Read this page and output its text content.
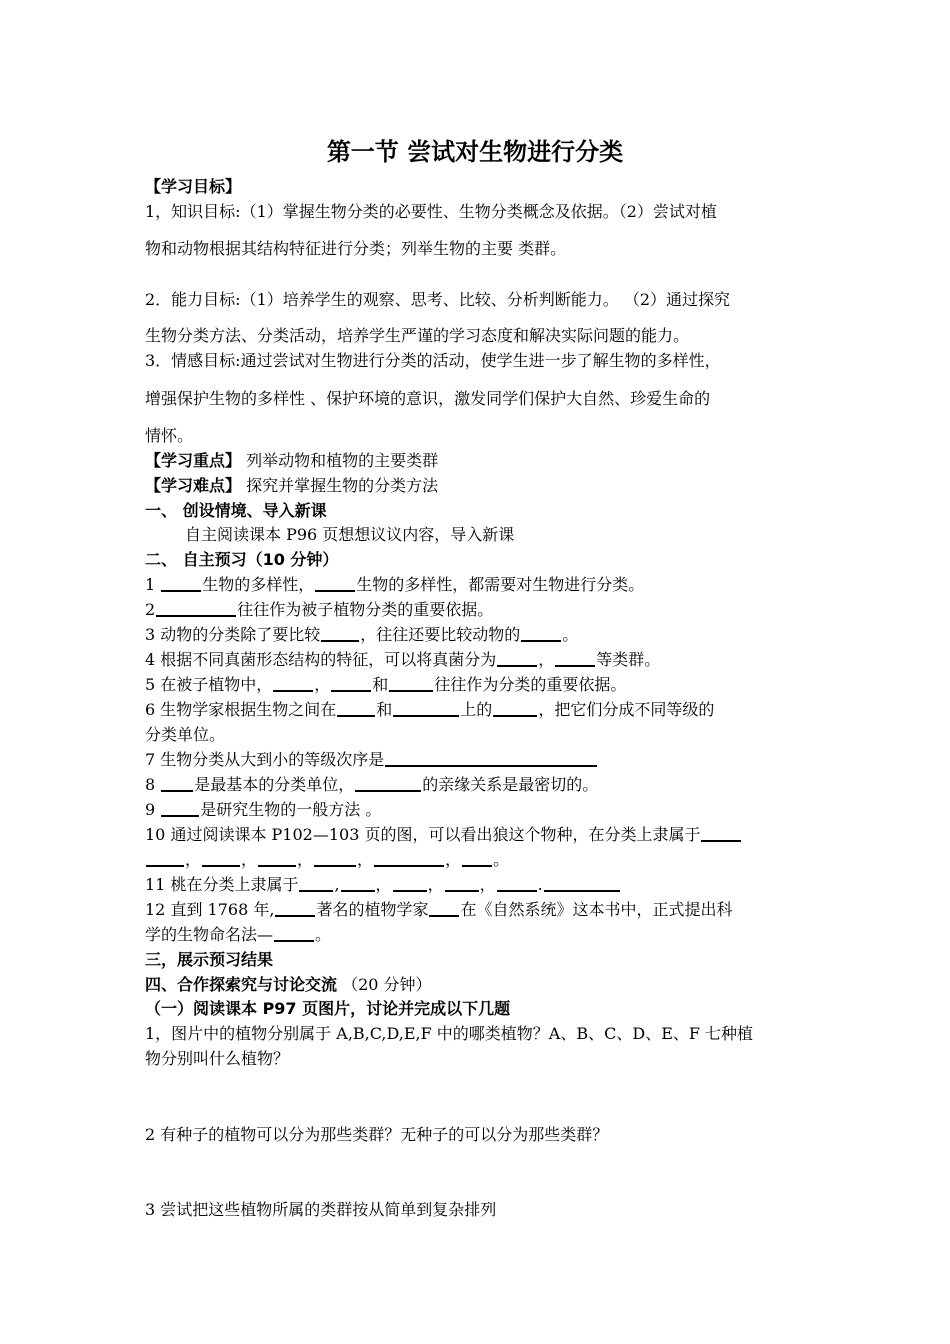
第一节 尝试对生物进行分类
【学习目标】
1，知识目标:（1）掌握生物分类的必要性、生物分类概念及依据。（2）尝试对植
物和动物根据其结构特征进行分类；列举生物的主要 类群。
2．能力目标:（1）培养学生的观察、思考、比较、分析判断能力。 （2）通过探究
生物分类方法、分类活动，培养学生严谨的学习态度和解决实际问题的能力。
3．情感目标:通过尝试对生物进行分类的活动，使学生进一步了解生物的多样性，
增强保护生物的多样性 、保护环境的意识，激发同学们保护大自然、珍爱生命的
情怀。
【学习重点】 列举动物和植物的主要类群
【学习难点】 探究并掌握生物的分类方法
一、 创设情境、导入新课
自主阅读课本 P96 页想想议议内容，导入新课
二、 自主预习（10 分钟）
1	生物的多样性，	生物的多样性，都需要对生物进行分类。
2	往往作为被子植物分类的重要依据。
3 动物的分类除了要比较	，往往还要比较动物的	。
4 根据不同真菌形态结构的特征，可以将真菌分为	，	等类群。
5 在被子植物中，	，	和	往往作为分类的重要依据。
6 生物学家根据生物之间在	和	上的	，把它们分成不同等级的
分类单位。
7 生物分类从大到小的等级次序是
8 是最基本的分类单位，	的亲缘关系是最密切的。
9	是研究生物的一般方法 。
10 通过阅读课本 P102—103 页的图，可以看出狼这个物种，在分类上隶属于
，	，	，	，	， 。
11 桃在分类上隶属于 , ， ， ，	.
12 直到 1768 年,	著名的植物学家 在《自然系统》这本书中，正式提出科
学的生物命名法—	。
三，展示预习结果
四、合作探索究与讨论交流 （20 分钟）
（一）阅读课本 P97 页图片，讨论并完成以下几题
1，图片中的植物分别属于 A,B,C,D,E,F 中的哪类植物？A、B、C、D、E、F 七种植
物分别叫什么植物？
2 有种子的植物可以分为那些类群？无种子的可以分为那些类群？
3 尝试把这些植物所属的类群按从简单到复杂排列
